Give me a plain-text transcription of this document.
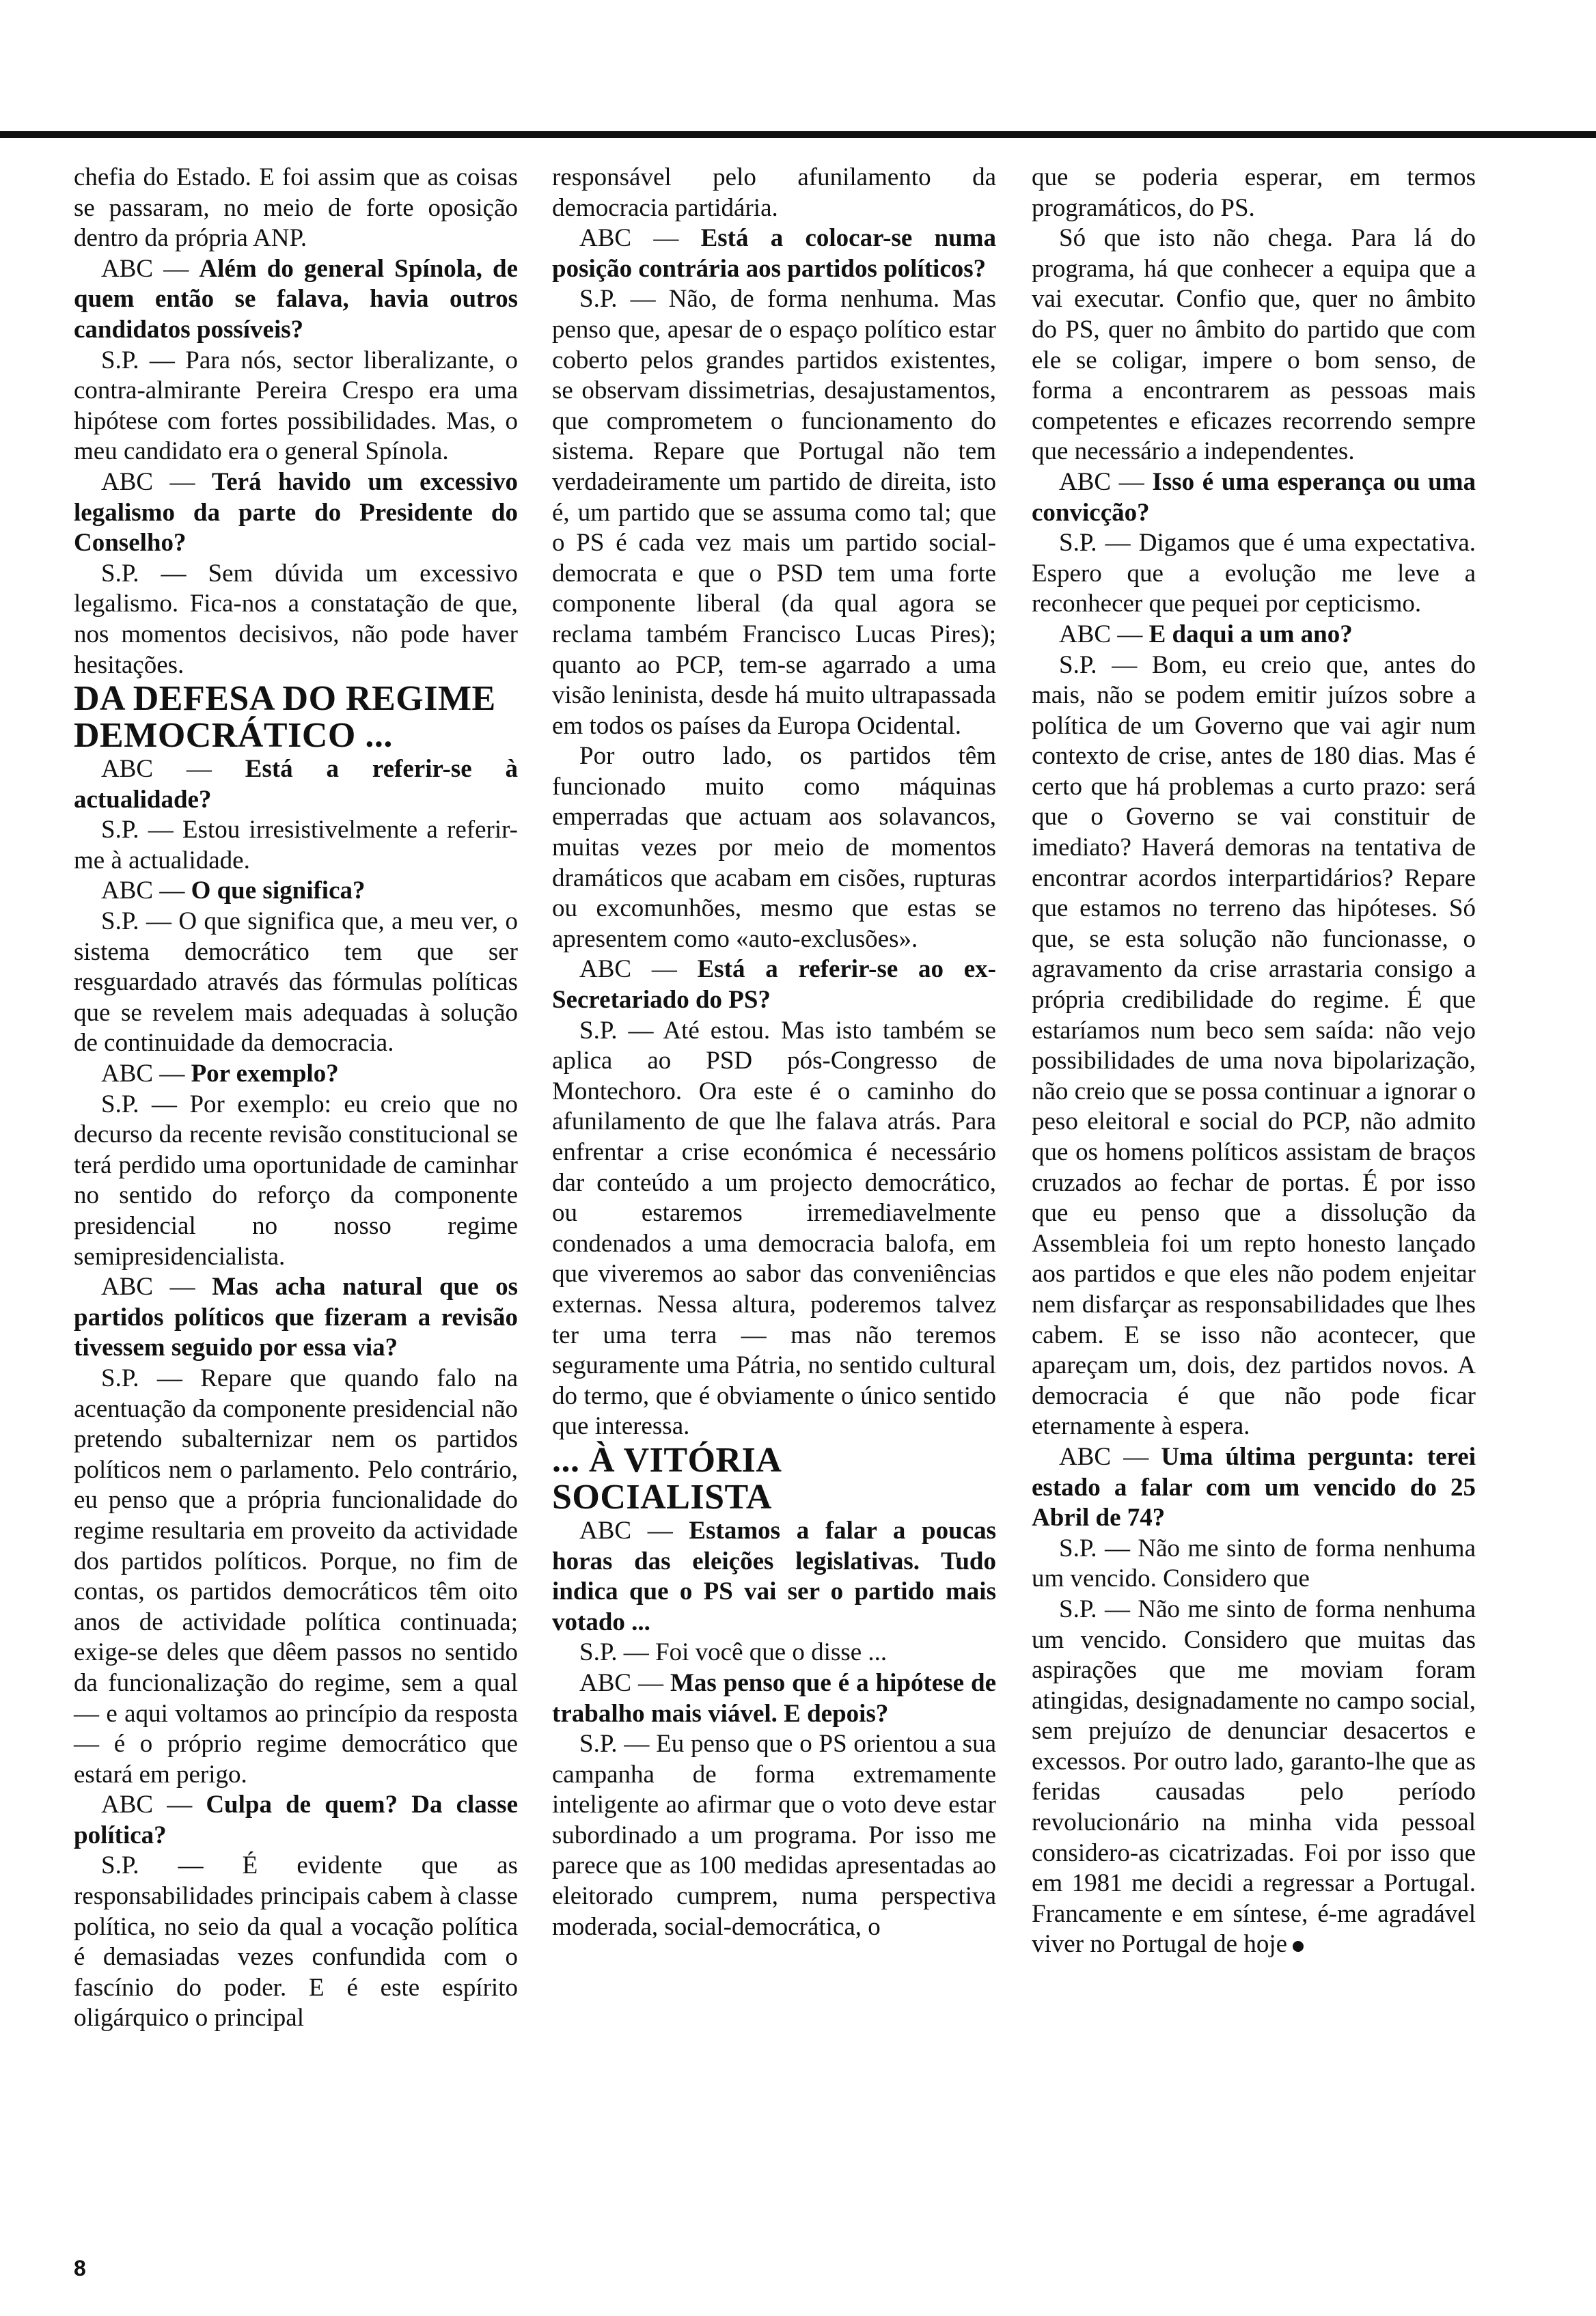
chefia do Estado. E foi assim que as coisas se passaram, no meio de forte oposição dentro da própria ANP.

ABC — Além do general Spínola, de quem então se falava, havia outros candidatos possíveis?

S.P. — Para nós, sector liberalizante, o contra-almirante Pereira Crespo era uma hipótese com fortes possibilidades. Mas, o meu candidato era o general Spínola.

ABC — Terá havido um excessivo legalismo da parte do Presidente do Conselho?

S.P. — Sem dúvida um excessivo legalismo. Fica-nos a constatação de que, nos momentos decisivos, não pode haver hesitações.

DA DEFESA DO REGIME DEMOCRÁTICO ...

ABC — Está a referir-se à actualidade?

S.P. — Estou irresistivelmente a referir-me à actualidade.

ABC — O que significa?

S.P. — O que significa que, a meu ver, o sistema democrático tem que ser resguardado através das fórmulas políticas que se revelem mais adequadas à solução de continuidade da democracia.

ABC — Por exemplo?

S.P. — Por exemplo: eu creio que no decurso da recente revisão constitucional se terá perdido uma oportunidade de caminhar no sentido do reforço da componente presidencial no nosso regime semipresidencialista.

ABC — Mas acha natural que os partidos políticos que fizeram a revisão tivessem seguido por essa via?

S.P. — Repare que quando falo na acentuação da componente presidencial não pretendo subalternizar nem os partidos políticos nem o parlamento. Pelo contrário, eu penso que a própria funcionalidade do regime resultaria em proveito da actividade dos partidos políticos. Porque, no fim de contas, os partidos democráticos têm oito anos de actividade política continuada; exige-se deles que dêem passos no sentido da funcionalização do regime, sem a qual — e aqui voltamos ao princípio da resposta — é o próprio regime democrático que estará em perigo.

ABC — Culpa de quem? Da classe política?

S.P. — É evidente que as responsabilidades principais cabem à classe política, no seio da qual a vocação política é demasiadas vezes confundida com o fascínio do poder. E é este espírito oligárquico o principal

responsável pelo afunilamento da democracia partidária.

ABC — Está a colocar-se numa posição contrária aos partidos políticos?

S.P. — Não, de forma nenhuma. Mas penso que, apesar de o espaço político estar coberto pelos grandes partidos existentes, se observam dissimetrias, desajustamentos, que comprometem o funcionamento do sistema. Repare que Portugal não tem verdadeiramente um partido de direita, isto é, um partido que se assuma como tal; que o PS é cada vez mais um partido social-democrata e que o PSD tem uma forte componente liberal (da qual agora se reclama também Francisco Lucas Pires); quanto ao PCP, tem-se agarrado a uma visão leninista, desde há muito ultrapassada em todos os países da Europa Ocidental.

Por outro lado, os partidos têm funcionado muito como máquinas emperradas que actuam aos solavancos, muitas vezes por meio de momentos dramáticos que acabam em cisões, rupturas ou excomunhões, mesmo que estas se apresentem como «auto-exclusões».

ABC — Está a referir-se ao ex-Secretariado do PS?

S.P. — Até estou. Mas isto também se aplica ao PSD pós-Congresso de Montechoro. Ora este é o caminho do afunilamento de que lhe falava atrás. Para enfrentar a crise económica é necessário dar conteúdo a um projecto democrático, ou estaremos irremediavelmente condenados a uma democracia balofa, em que viveremos ao sabor das conveniências externas. Nessa altura, poderemos talvez ter uma terra — mas não teremos seguramente uma Pátria, no sentido cultural do termo, que é obviamente o único sentido que interessa.

... À VITÓRIA SOCIALISTA

ABC — Estamos a falar a poucas horas das eleições legislativas. Tudo indica que o PS vai ser o partido mais votado ...

S.P. — Foi você que o disse ...

ABC — Mas penso que é a hipótese de trabalho mais viável. E depois?

S.P. — Eu penso que o PS orientou a sua campanha de forma extremamente inteligente ao afirmar que o voto deve estar subordinado a um programa. Por isso me parece que as 100 medidas apresentadas ao eleitorado cumprem, numa perspectiva moderada, social-democrática, o

que se poderia esperar, em termos programáticos, do PS.

Só que isto não chega. Para lá do programa, há que conhecer a equipa que a vai executar. Confio que, quer no âmbito do PS, quer no âmbito do partido que com ele se coligar, impere o bom senso, de forma a encontrarem as pessoas mais competentes e eficazes recorrendo sempre que necessário a independentes.

ABC — Isso é uma esperança ou uma convicção?

S.P. — Digamos que é uma expectativa. Espero que a evolução me leve a reconhecer que pequei por cepticismo.

ABC — E daqui a um ano?

S.P. — Bom, eu creio que, antes do mais, não se podem emitir juízos sobre a política de um Governo que vai agir num contexto de crise, antes de 180 dias. Mas é certo que há problemas a curto prazo: será que o Governo se vai constituir de imediato? Haverá demoras na tentativa de encontrar acordos interpartidários? Repare que estamos no terreno das hipóteses. Só que, se esta solução não funcionasse, o agravamento da crise arrastaria consigo a própria credibilidade do regime. É que estaríamos num beco sem saída: não vejo possibilidades de uma nova bipolarização, não creio que se possa continuar a ignorar o peso eleitoral e social do PCP, não admito que os homens políticos assistam de braços cruzados ao fechar de portas. É por isso que eu penso que a dissolução da Assembleia foi um repto honesto lançado aos partidos e que eles não podem enjeitar nem disfarçar as responsabilidades que lhes cabem. E se isso não acontecer, que apareçam um, dois, dez partidos novos. A democracia é que não pode ficar eternamente à espera.

ABC — Uma última pergunta: terei estado a falar com um vencido do 25 Abril de 74?

S.P. — Não me sinto de forma nenhuma um vencido. Considero que

S.P. — Não me sinto de forma nenhuma um vencido. Considero que muitas das aspirações que me moviam foram atingidas, designadamente no campo social, sem prejuízo de denunciar desacertos e excessos. Por outro lado, garanto-lhe que as feridas causadas pelo período revolucionário na minha vida pessoal considero-as cicatrizadas. Foi por isso que em 1981 me decidi a regressar a Portugal. Francamente e em síntese, é-me agradável viver no Portugal de hoje

8
